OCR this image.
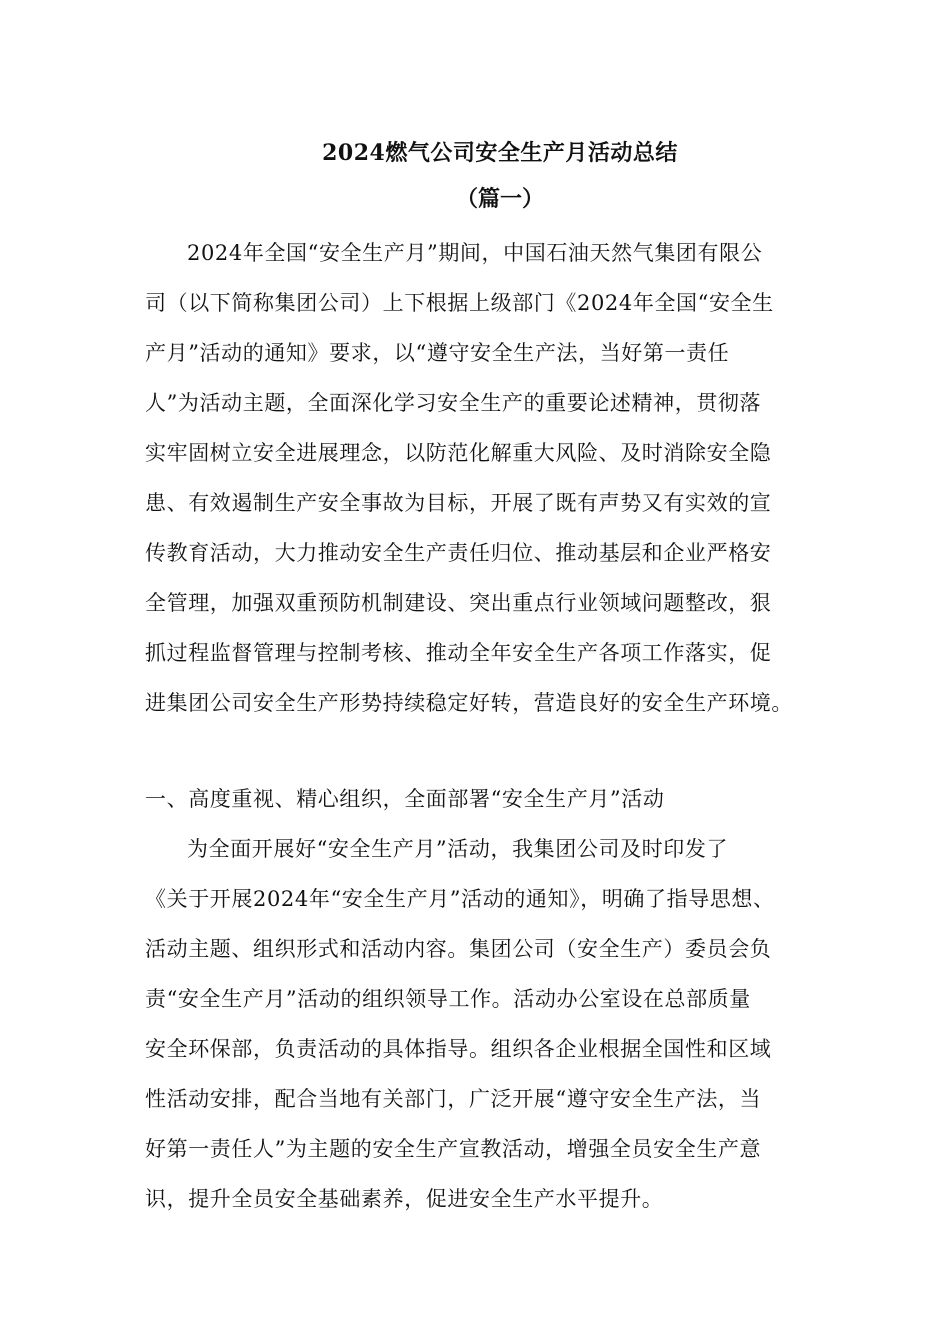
2024燃气公司安全生产月活动总结
（篇一）
2024年全国“安全生产月”期间，中国石油天然气集团有限公
司（以下简称集团公司）上下根据上级部门《2024年全国“安全生
产月”活动的通知》要求，以“遵守安全生产法，当好第一责任
人”为活动主题，全面深化学习安全生产的重要论述精神，贯彻落
实牢固树立安全进展理念，以防范化解重大风险、及时消除安全隐
患、有效遏制生产安全事故为目标，开展了既有声势又有实效的宣
传教育活动，大力推动安全生产责任归位、推动基层和企业严格安
全管理，加强双重预防机制建设、突出重点行业领域问题整改，狠
抓过程监督管理与控制考核、推动全年安全生产各项工作落实，促
进集团公司安全生产形势持续稳定好转，营造良好的安全生产环境。
一、高度重视、精心组织，全面部署“安全生产月”活动
为全面开展好“安全生产月”活动，我集团公司及时印发了
《关于开展2024年“安全生产月”活动的通知》，明确了指导思想、
活动主题、组织形式和活动内容。集团公司（安全生产）委员会负
责“安全生产月”活动的组织领导工作。活动办公室设在总部质量
安全环保部，负责活动的具体指导。组织各企业根据全国性和区域
性活动安排，配合当地有关部门，广泛开展“遵守安全生产法，当
好第一责任人”为主题的安全生产宣教活动，增强全员安全生产意
识，提升全员安全基础素养，促进安全生产水平提升。
